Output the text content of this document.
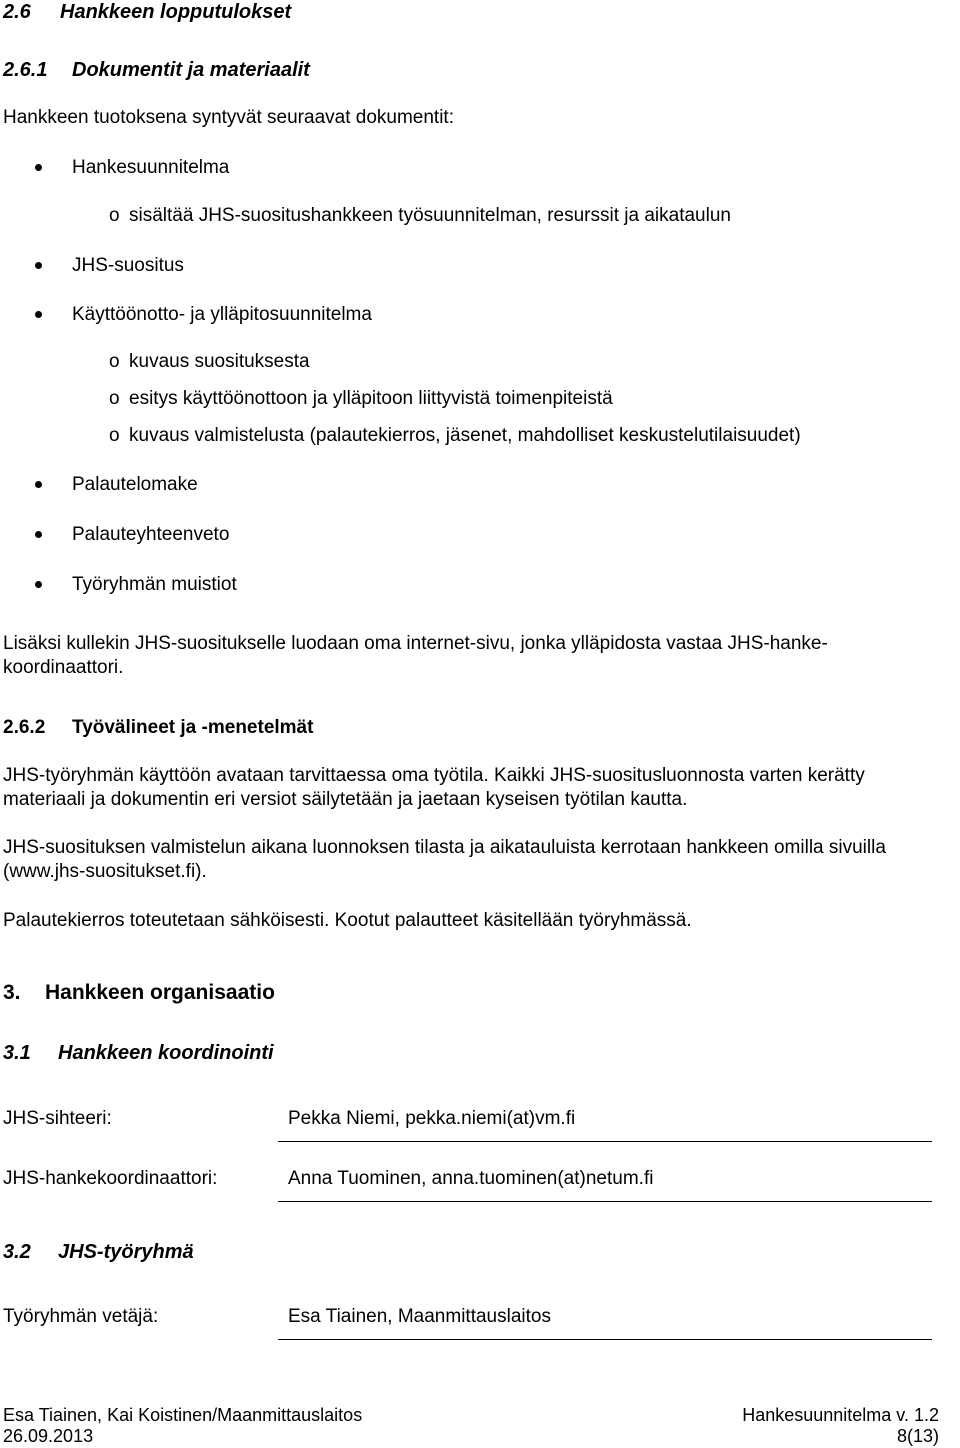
2.6 Hankkeen lopputulokset
2.6.1 Dokumentit ja materiaalit
Hankkeen tuotoksena syntyvät seuraavat dokumentit:
Hankesuunnitelma
o sisältää JHS-suositushankkeen työsuunnitelman, resurssit ja aikataulun
JHS-suositus
Käyttöönotto- ja ylläpitosuunnitelma
o kuvaus suosituksesta
o esitys käyttöönottoon ja ylläpitoon liittyvistä toimenpiteistä
o kuvaus valmistelusta (palautekierros, jäsenet, mahdolliset keskustelutilaisuudet)
Palautelomake
Palauteyhteenveto
Työryhmän muistiot
Lisäksi kullekin JHS-suositukselle luodaan oma internet-sivu, jonka ylläpidosta vastaa JHS-hanke-koordinaattori.
2.6.2 Työvälineet ja -menetelmät
JHS-työryhmän käyttöön avataan tarvittaessa oma työtila. Kaikki JHS-suositusluonnosta varten kerätty materiaali ja dokumentin eri versiot säilytetään ja jaetaan kyseisen työtilan kautta.
JHS-suosituksen valmistelun aikana luonnoksen tilasta ja aikatauluista kerrotaan hankkeen omilla sivuilla (www.jhs-suositukset.fi).
Palautekierros toteutetaan sähköisesti. Kootut palautteet käsitellään työryhmässä.
3. Hankkeen organisaatio
3.1 Hankkeen koordinointi
JHS-sihteeri:	Pekka Niemi, pekka.niemi(at)vm.fi
JHS-hankekoordinaattori:	Anna Tuominen, anna.tuominen(at)netum.fi
3.2 JHS-työryhmä
Työryhmän vetäjä:	Esa Tiainen, Maanmittauslaitos
Esa Tiainen, Kai Koistinen/Maanmittauslaitos	Hankesuunnitelma v. 1.2
26.09.2013	8(13)
